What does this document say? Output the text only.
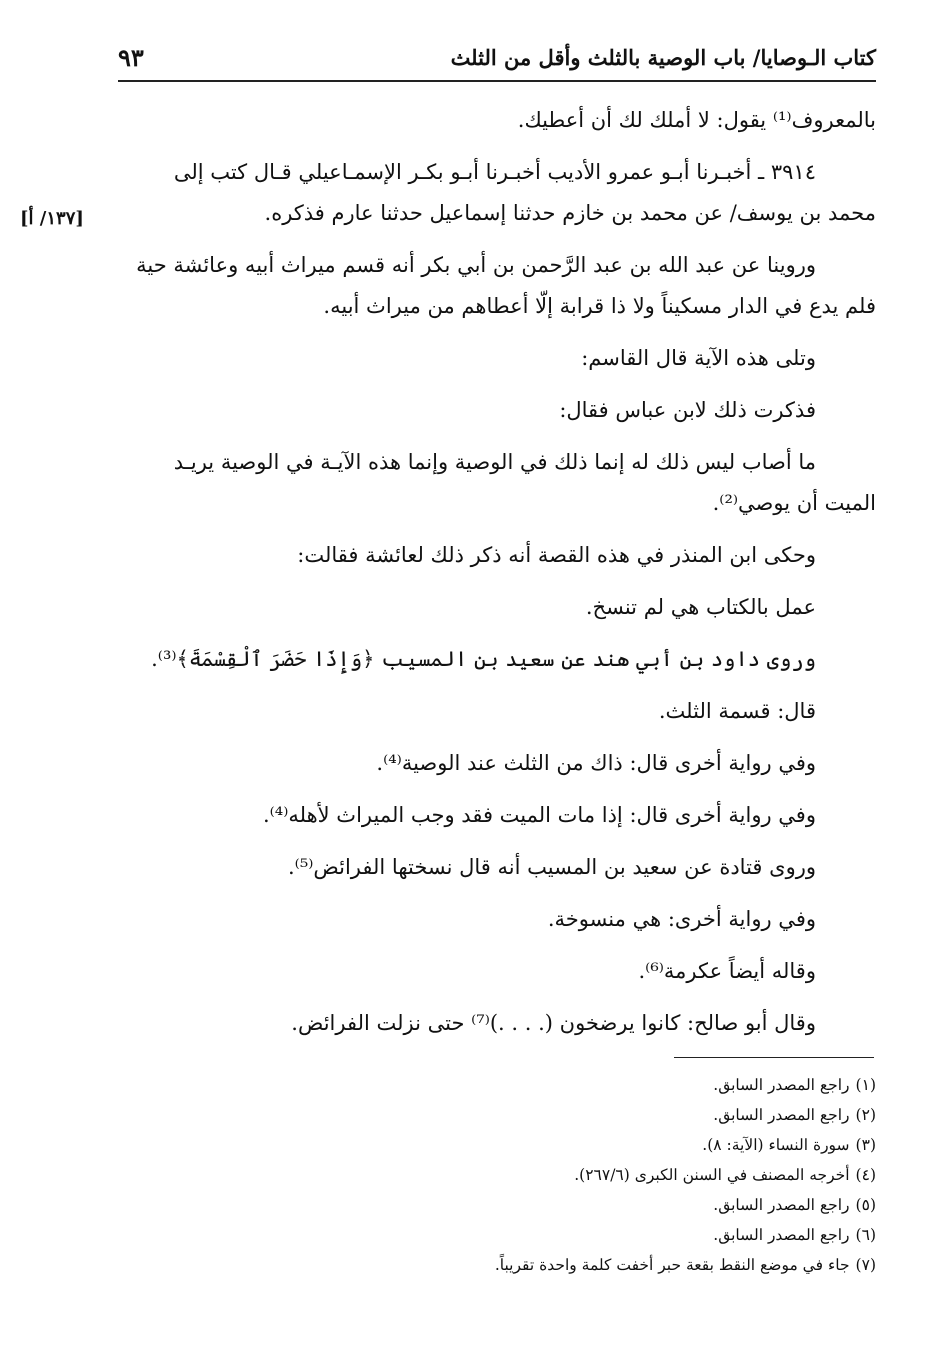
كتاب الـوصايا/ باب الوصية بالثلث وأقل من الثلث
٩٣
[١٣٧/ أ]
بالمعروف⁽¹⁾ يقول: لا أملك لك أن أعطيك.
٣٩١٤ ـ أخبـرنا أبـو عمرو الأديب أخبـرنا أبـو بكـر الإسمـاعيلي قـال كتب إلى
محمد بن يوسف/ عن محمد بن خازم حدثنا إسماعيل حدثنا عارم فذكره.
وروينا عن عبد الله بن عبد الرَّحمن بن أبي بكر أنه قسم ميراث أبيه وعائشة حية
فلم يدع في الدار مسكيناً ولا ذا قرابة إلّا أعطاهم من ميراث أبيه.
وتلى هذه الآية قال القاسم:
فذكرت ذلك لابن عباس فقال:
ما أصاب ليس ذلك له إنما ذلك في الوصية وإنما هذه الآيـة في الوصية يريـد
الميت أن يوصي⁽²⁾.
وحكى ابن المنذر في هذه القصة أنه ذكر ذلك لعائشة فقالت:
عمل بالكتاب هي لم تنسخ.
وروى داود بن أبي هند عن سعيد بن المسيب ﴿وَإِذَا حَضَرَ ٱلْقِسْمَةَ﴾⁽³⁾.
قال: قسمة الثلث.
وفي رواية أخرى قال: ذاك من الثلث عند الوصية⁽⁴⁾.
وفي رواية أخرى قال: إذا مات الميت فقد وجب الميراث لأهله⁽⁴⁾.
وروى قتادة عن سعيد بن المسيب أنه قال نسختها الفرائض⁽⁵⁾.
وفي رواية أخرى: هي منسوخة.
وقاله أيضاً عكرمة⁽⁶⁾.
وقال أبو صالح: كانوا يرضخون (. . . .)⁽⁷⁾ حتى نزلت الفرائض.
(١)راجع المصدر السابق.
(٢)راجع المصدر السابق.
(٣)سورة النساء (الآية: ٨).
(٤)أخرجه المصنف في السنن الكبرى (٢٦٧/٦).
(٥)راجع المصدر السابق.
(٦)راجع المصدر السابق.
(٧)جاء في موضع النقط بقعة حبر أخفت كلمة واحدة تقريباً.
